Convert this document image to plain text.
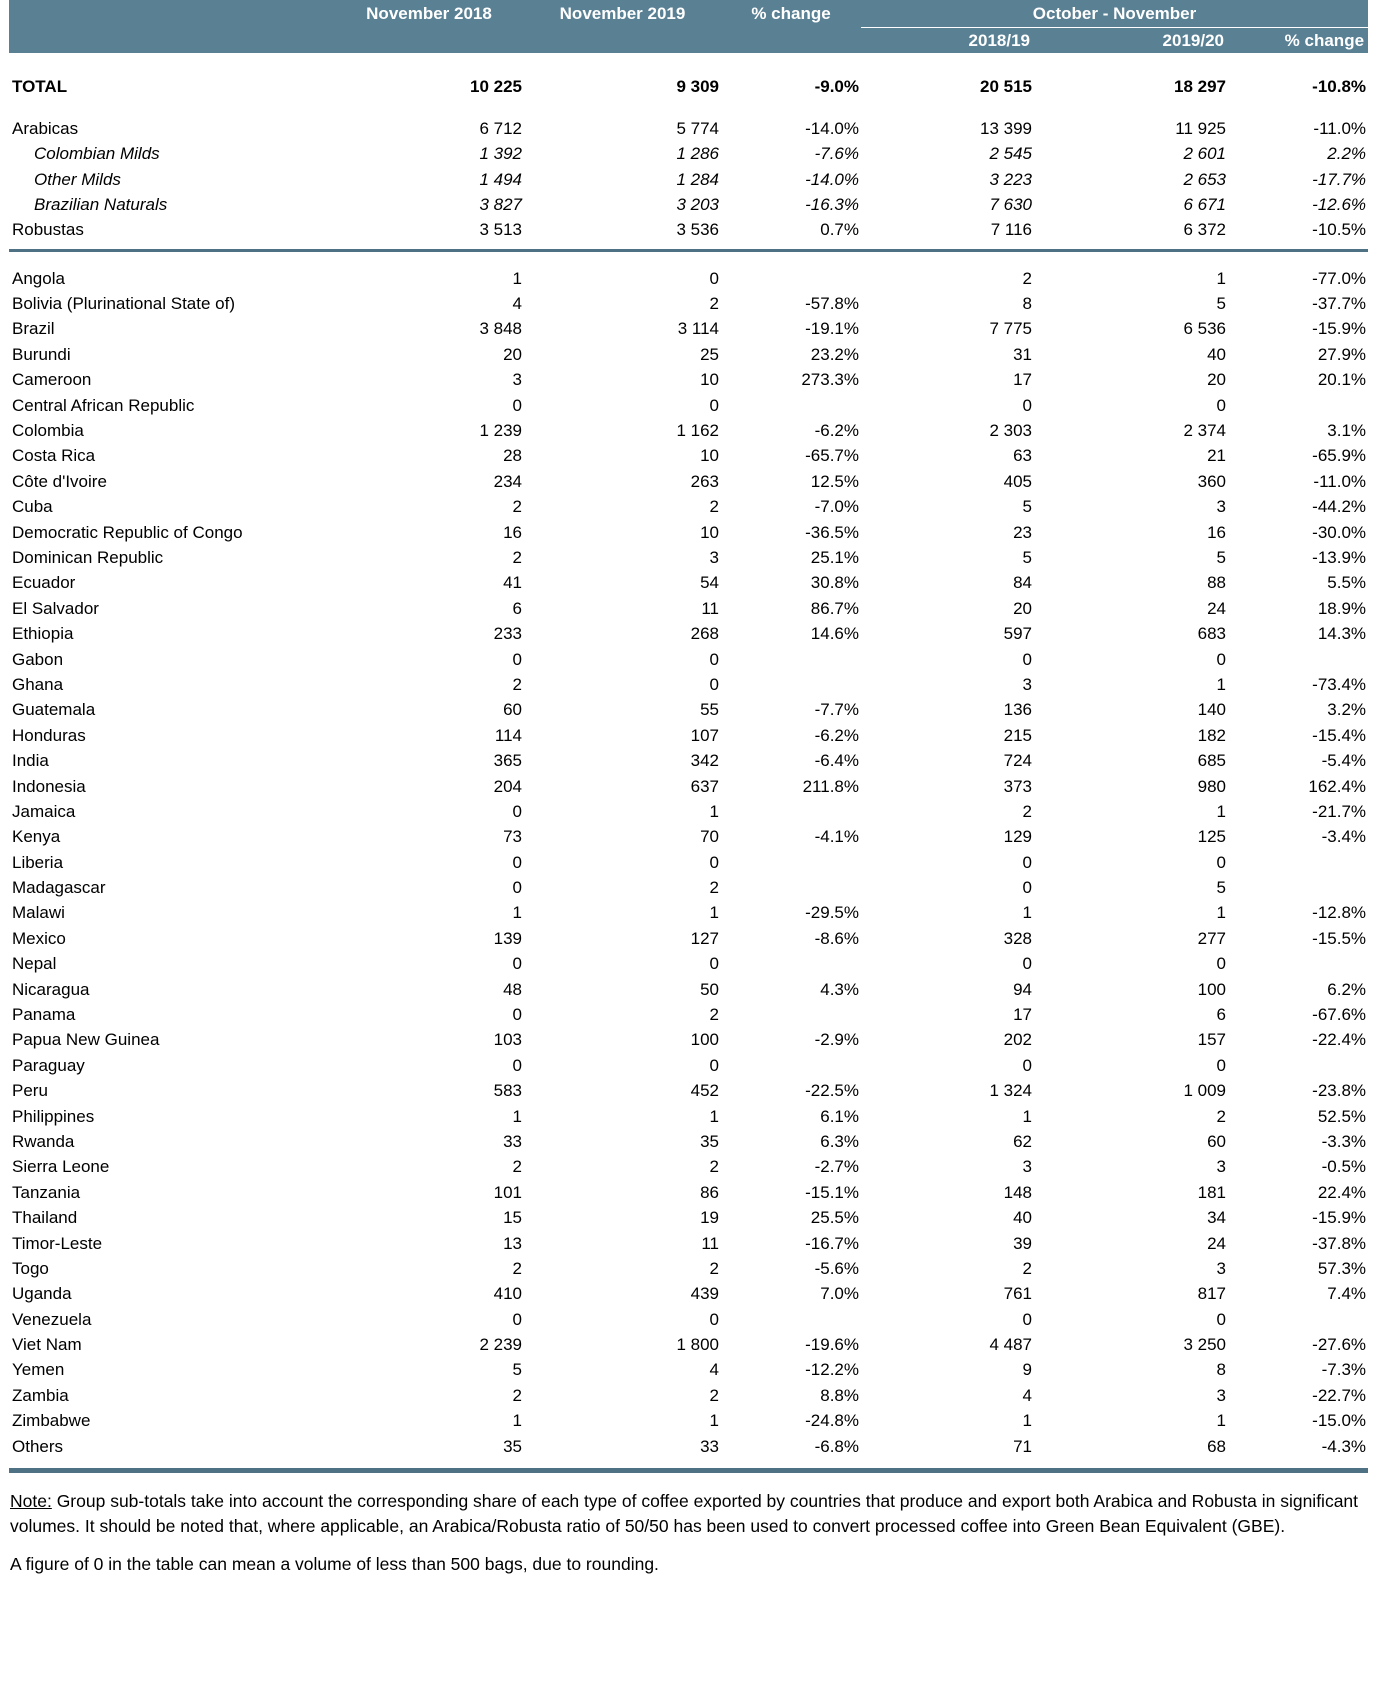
	November 2018	November 2019	% change	October - November		
				2018/19	2019/20	% change
TOTAL	10 225	9 309	-9.0%	20 515	18 297	-10.8%
Arabicas	6 712	5 774	-14.0%	13 399	11 925	-11.0%
Colombian Milds	1 392	1 286	-7.6%	2 545	2 601	2.2%
Other Milds	1 494	1 284	-14.0%	3 223	2 653	-17.7%
Brazilian Naturals	3 827	3 203	-16.3%	7 630	6 671	-12.6%
Robustas	3 513	3 536	0.7%	7 116	6 372	-10.5%

Angola	1	0		2	1	-77.0%
Bolivia (Plurinational State of)	4	2	-57.8%	8	5	-37.7%
Brazil	3 848	3 114	-19.1%	7 775	6 536	-15.9%
Burundi	20	25	23.2%	31	40	27.9%
Cameroon	3	10	273.3%	17	20	20.1%
Central African Republic	0	0		0	0	
Colombia	1 239	1 162	-6.2%	2 303	2 374	3.1%
Costa Rica	28	10	-65.7%	63	21	-65.9%
Côte d'Ivoire	234	263	12.5%	405	360	-11.0%
Cuba	2	2	-7.0%	5	3	-44.2%
Democratic Republic of Congo	16	10	-36.5%	23	16	-30.0%
Dominican Republic	2	3	25.1%	5	5	-13.9%
Ecuador	41	54	30.8%	84	88	5.5%
El Salvador	6	11	86.7%	20	24	18.9%
Ethiopia	233	268	14.6%	597	683	14.3%
Gabon	0	0		0	0	
Ghana	2	0		3	1	-73.4%
Guatemala	60	55	-7.7%	136	140	3.2%
Honduras	114	107	-6.2%	215	182	-15.4%
India	365	342	-6.4%	724	685	-5.4%
Indonesia	204	637	211.8%	373	980	162.4%
Jamaica	0	1		2	1	-21.7%
Kenya	73	70	-4.1%	129	125	-3.4%
Liberia	0	0		0	0	
Madagascar	0	2		0	5	
Malawi	1	1	-29.5%	1	1	-12.8%
Mexico	139	127	-8.6%	328	277	-15.5%
Nepal	0	0		0	0	
Nicaragua	48	50	4.3%	94	100	6.2%
Panama	0	2		17	6	-67.6%
Papua New Guinea	103	100	-2.9%	202	157	-22.4%
Paraguay	0	0		0	0	
Peru	583	452	-22.5%	1 324	1 009	-23.8%
Philippines	1	1	6.1%	1	2	52.5%
Rwanda	33	35	6.3%	62	60	-3.3%
Sierra Leone	2	2	-2.7%	3	3	-0.5%
Tanzania	101	86	-15.1%	148	181	22.4%
Thailand	15	19	25.5%	40	34	-15.9%
Timor-Leste	13	11	-16.7%	39	24	-37.8%
Togo	2	2	-5.6%	2	3	57.3%
Uganda	410	439	7.0%	761	817	7.4%
Venezuela	0	0		0	0	
Viet Nam	2 239	1 800	-19.6%	4 487	3 250	-27.6%
Yemen	5	4	-12.2%	9	8	-7.3%
Zambia	2	2	8.8%	4	3	-22.7%
Zimbabwe	1	1	-24.8%	1	1	-15.0%
Others	35	33	-6.8%	71	68	-4.3%

Note: Group sub-totals take into account the corresponding share of each type of coffee exported by countries that produce and export both Arabica and Robusta in significant volumes. It should be noted that, where applicable, an Arabica/Robusta ratio of 50/50 has been used to convert processed coffee into Green Bean Equivalent (GBE).

A figure of 0 in the table can mean a volume of less than 500 bags, due to rounding.
